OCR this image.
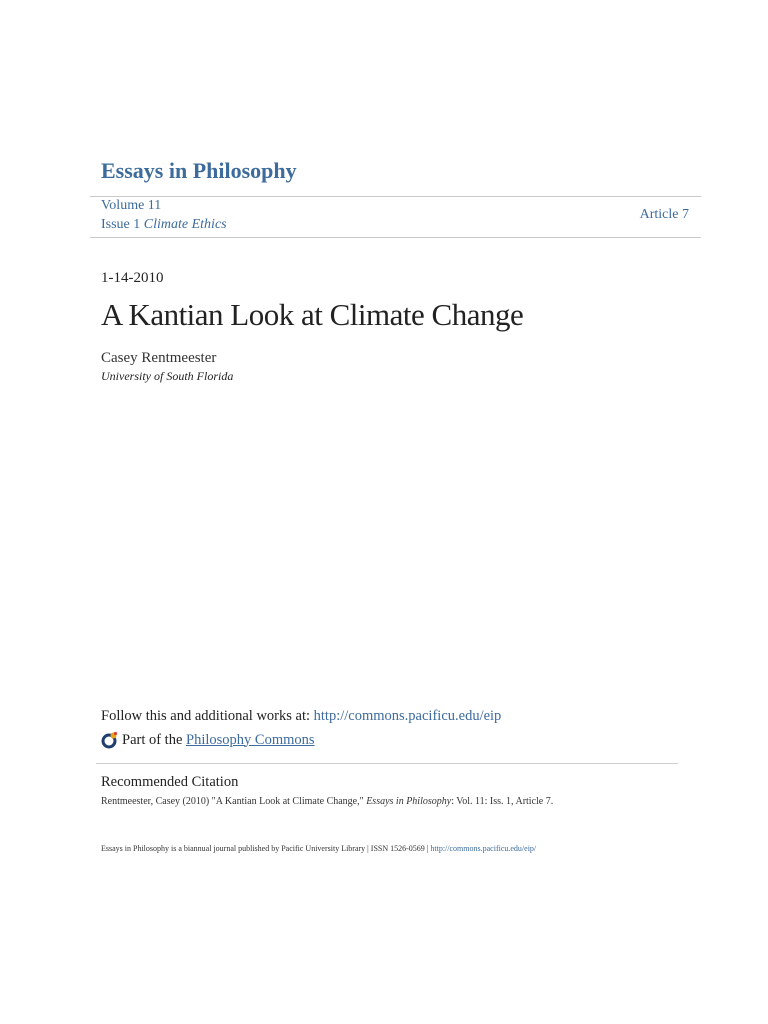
Essays in Philosophy
Volume 11
Issue 1 Climate Ethics
Article 7
1-14-2010
A Kantian Look at Climate Change
Casey Rentmeester
University of South Florida
Follow this and additional works at: http://commons.pacificu.edu/eip
Part of the
Philosophy Commons
Recommended Citation
Rentmeester, Casey (2010) "A Kantian Look at Climate Change," Essays in Philosophy: Vol. 11: Iss. 1, Article 7.
Essays in Philosophy is a biannual journal published by Pacific University Library | ISSN 1526-0569 | http://commons.pacificu.edu/eip/
